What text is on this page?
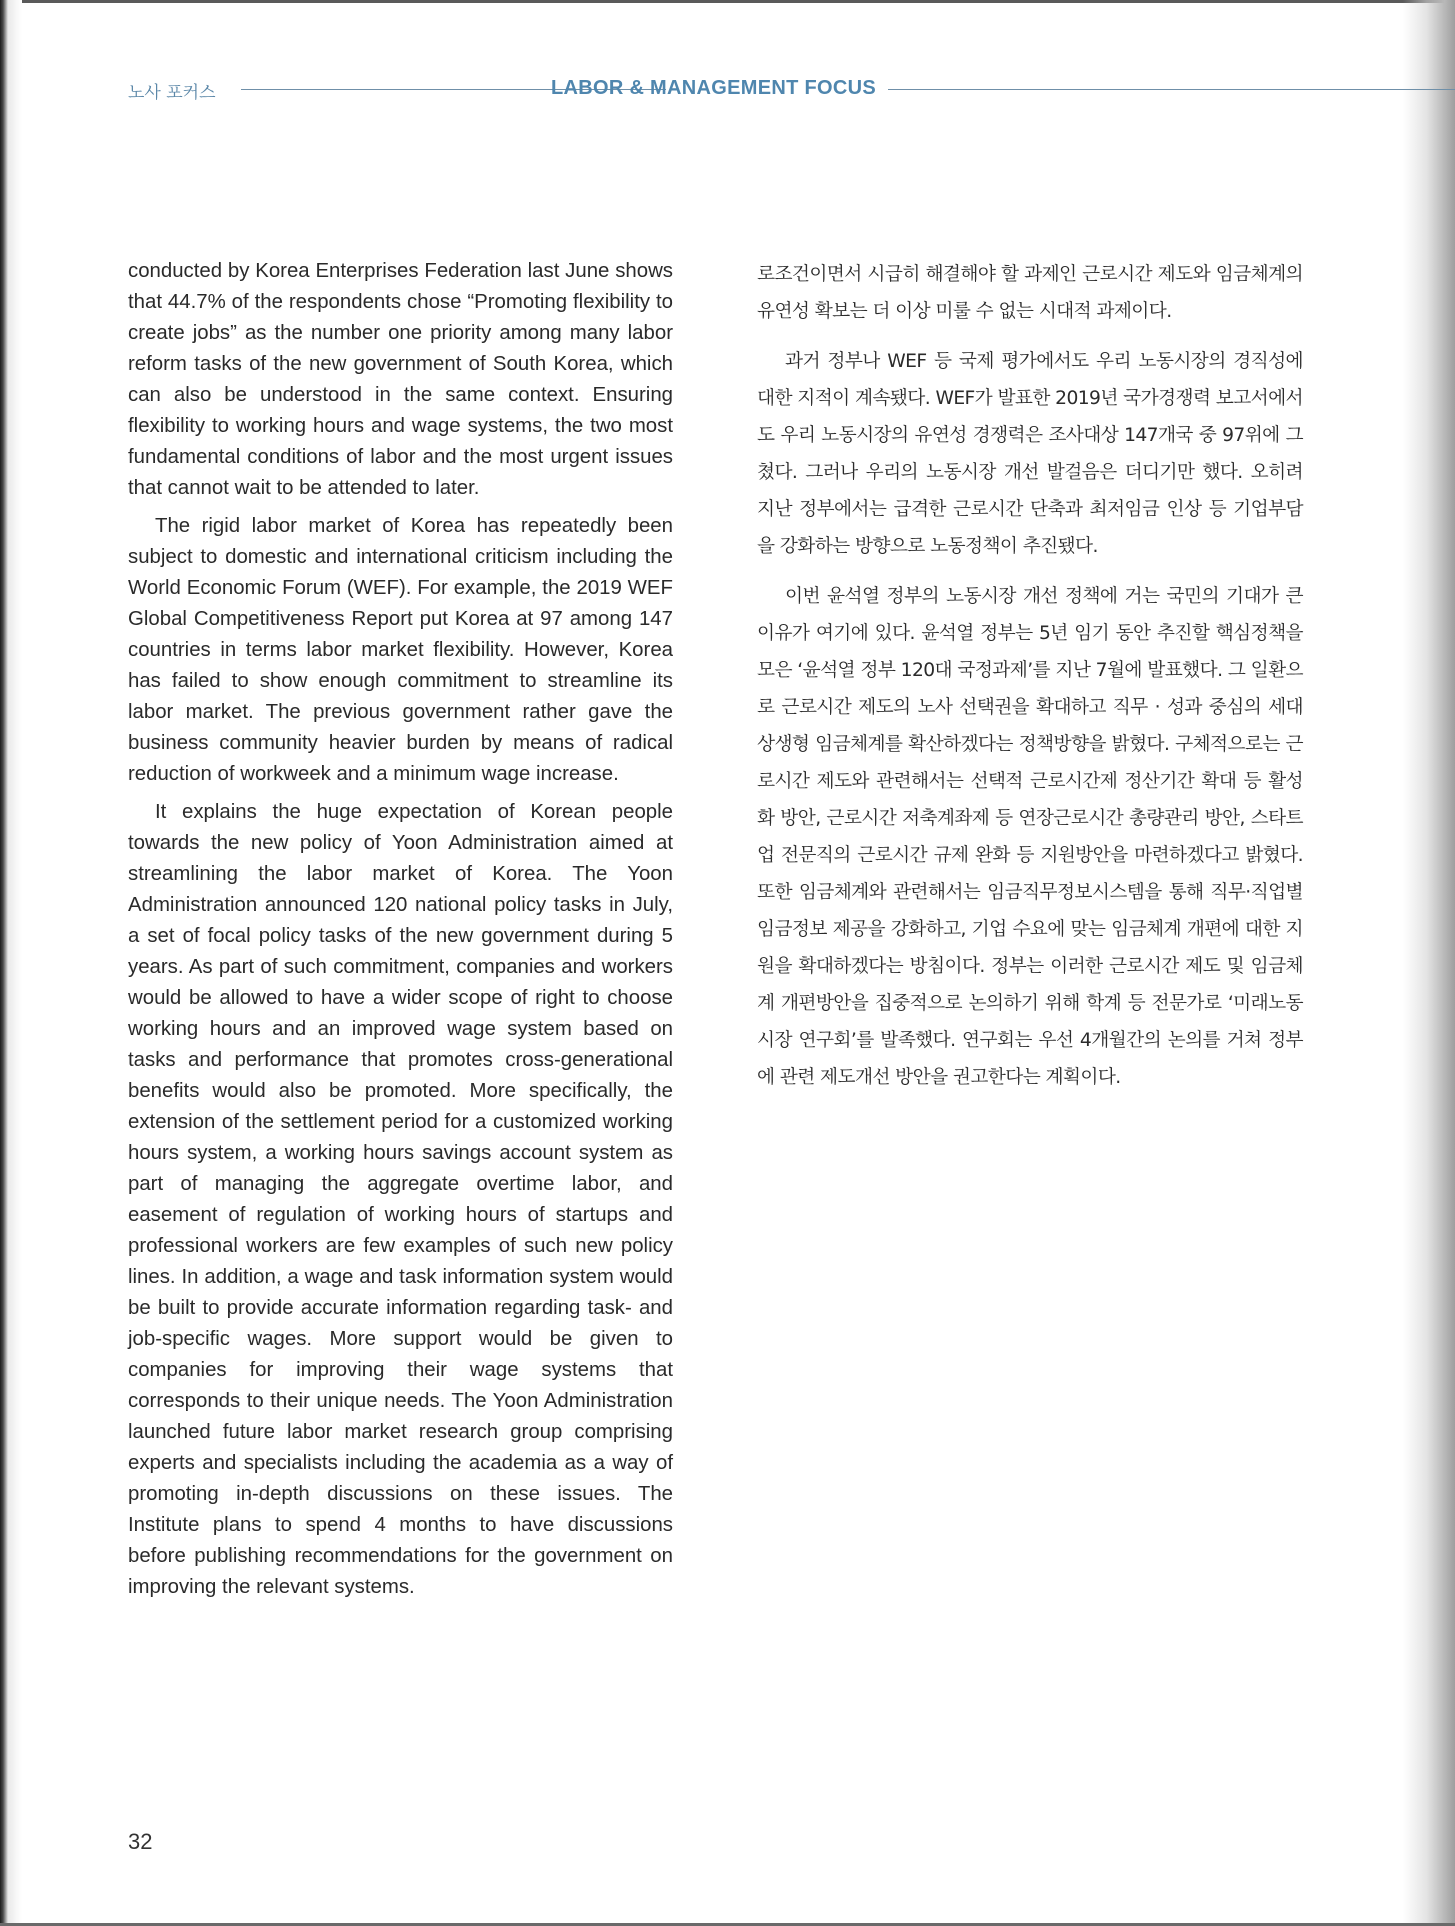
노사 포커스	LABOR & MANAGEMENT FOCUS

conducted by Korea Enterprises Federation last June shows that 44.7% of the respondents chose “Promoting flexibility to create jobs” as the number one priority among many labor reform tasks of the new government of South Korea, which can also be understood in the same context. Ensuring flexibility to working hours and wage systems, the two most fundamental conditions of labor and the most urgent issues that cannot wait to be attended to later.

The rigid labor market of Korea has repeatedly been subject to domestic and international criticism including the World Economic Forum (WEF). For example, the 2019 WEF Global Competitiveness Report put Korea at 97 among 147 countries in terms labor market flexibility. However, Korea has failed to show enough commitment to streamline its labor market. The previous government rather gave the business community heavier burden by means of radical reduction of workweek and a minimum wage increase.

It explains the huge expectation of Korean people towards the new policy of Yoon Administration aimed at streamlining the labor market of Korea. The Yoon Administration announced 120 national policy tasks in July, a set of focal policy tasks of the new government during 5 years. As part of such commitment, companies and workers would be allowed to have a wider scope of right to choose working hours and an improved wage system based on tasks and performance that promotes cross-generational benefits would also be promoted. More specifically, the extension of the settlement period for a customized working hours system, a working hours savings account system as part of managing the aggregate overtime labor, and easement of regulation of working hours of startups and professional workers are few examples of such new policy lines. In addition, a wage and task information system would be built to provide accurate information regarding task- and job-specific wages. More support would be given to companies for improving their wage systems that corresponds to their unique needs. The Yoon Administration launched future labor market research group comprising experts and specialists including the academia as a way of promoting in-depth discussions on these issues. The Institute plans to spend 4 months to have discussions before publishing recommendations for the government on improving the relevant systems.

로조건이면서 시급히 해결해야 할 과제인 근로시간 제도와 임금체계의 유연성 확보는 더 이상 미룰 수 없는 시대적 과제이다.

과거 정부나 WEF 등 국제 평가에서도 우리 노동시장의 경직성에 대한 지적이 계속됐다. WEF가 발표한 2019년 국가경쟁력 보고서에서도 우리 노동시장의 유연성 경쟁력은 조사대상 147개국 중 97위에 그쳤다. 그러나 우리의 노동시장 개선 발걸음은 더디기만 했다. 오히려 지난 정부에서는 급격한 근로시간 단축과 최저임금 인상 등 기업부담을 강화하는 방향으로 노동정책이 추진됐다.

이번 윤석열 정부의 노동시장 개선 정책에 거는 국민의 기대가 큰 이유가 여기에 있다. 윤석열 정부는 5년 임기 동안 추진할 핵심정책을 모은 ‘윤석열 정부 120대 국정과제’를 지난 7월에 발표했다. 그 일환으로 근로시간 제도의 노사 선택권을 확대하고 직무 · 성과 중심의 세대상생형 임금체계를 확산하겠다는 정책방향을 밝혔다. 구체적으로는 근로시간 제도와 관련해서는 선택적 근로시간제 정산기간 확대 등 활성화 방안, 근로시간 저축계좌제 등 연장근로시간 총량관리 방안, 스타트업 전문직의 근로시간 규제 완화 등 지원방안을 마련하겠다고 밝혔다. 또한 임금체계와 관련해서는 임금직무정보시스템을 통해 직무·직업별 임금정보 제공을 강화하고, 기업 수요에 맞는 임금체계 개편에 대한 지원을 확대하겠다는 방침이다. 정부는 이러한 근로시간 제도 및 임금체계 개편방안을 집중적으로 논의하기 위해 학계 등 전문가로 ‘미래노동시장 연구회’를 발족했다. 연구회는 우선 4개월간의 논의를 거쳐 정부에 관련 제도개선 방안을 권고한다는 계획이다.

32
